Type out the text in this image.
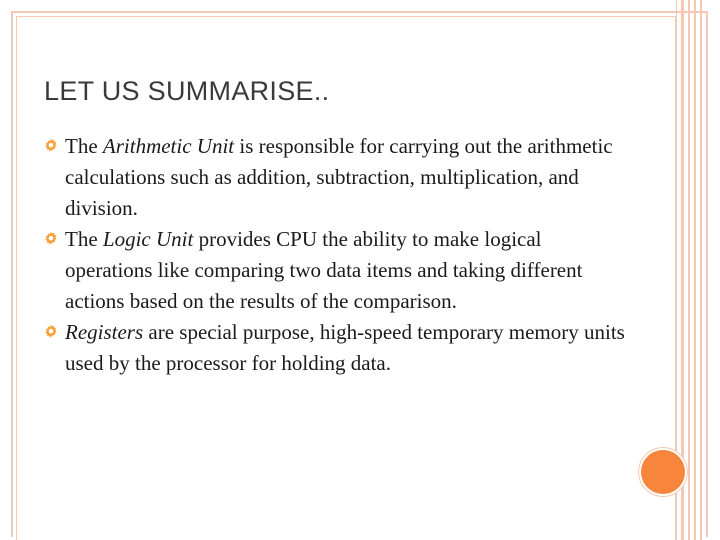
LET US SUMMARISE..
The Arithmetic Unit is responsible for carrying out the arithmetic calculations such as addition, subtraction, multiplication, and division.
The Logic Unit provides CPU the ability to make logical operations like comparing two data items and taking different actions based on the results of the comparison.
Registers are special purpose, high-speed temporary memory units used by the processor for holding data.
